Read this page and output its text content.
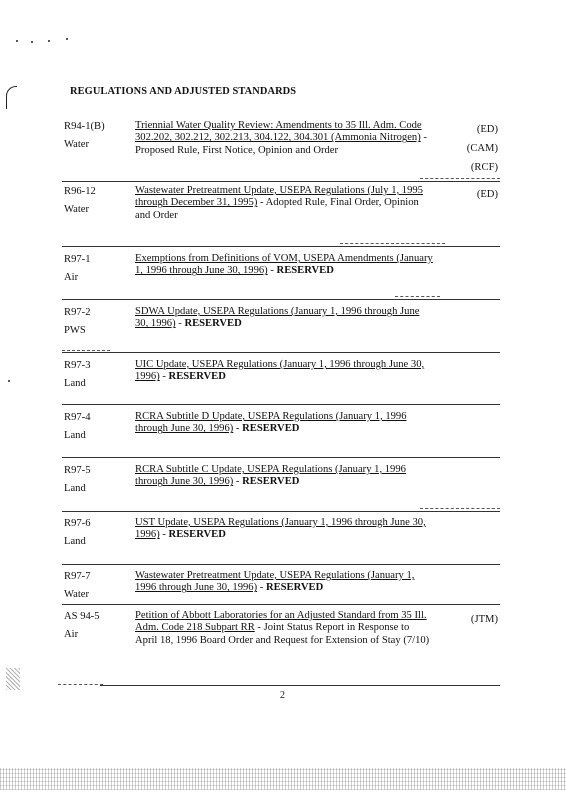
REGULATIONS AND ADJUSTED STANDARDS
R94-1(B)
Water
Triennial Water Quality Review: Amendments to 35 Ill. Adm. Code 302.202, 302.212, 302.213, 304.122, 304.301 (Ammonia Nitrogen) - Proposed Rule, First Notice, Opinion and Order
(ED)
(CAM)
(RCF)
R96-12
Water
Wastewater Pretreatment Update, USEPA Regulations (July 1, 1995 through December 31, 1995) - Adopted Rule, Final Order, Opinion and Order
(ED)
R97-1
Air
Exemptions from Definitions of VOM, USEPA Amendments (January 1, 1996 through June 30, 1996) - RESERVED
R97-2
PWS
SDWA Update, USEPA Regulations (January 1, 1996 through June 30, 1996) - RESERVED
R97-3
Land
UIC Update, USEPA Regulations (January 1, 1996 through June 30, 1996) - RESERVED
R97-4
Land
RCRA Subtitle D Update, USEPA Regulations (January 1, 1996 through June 30, 1996) - RESERVED
R97-5
Land
RCRA Subtitle C Update, USEPA Regulations (January 1, 1996 through June 30, 1996) - RESERVED
R97-6
Land
UST Update, USEPA Regulations (January 1, 1996 through June 30, 1996) - RESERVED
R97-7
Water
Wastewater Pretreatment Update, USEPA Regulations (January 1, 1996 through June 30, 1996) - RESERVED
AS 94-5
Air
Petition of Abbott Laboratories for an Adjusted Standard from 35 Ill. Adm. Code 218 Subpart RR - Joint Status Report in Response to April 18, 1996 Board Order and Request for Extension of Stay (7/10)
(JTM)
2
